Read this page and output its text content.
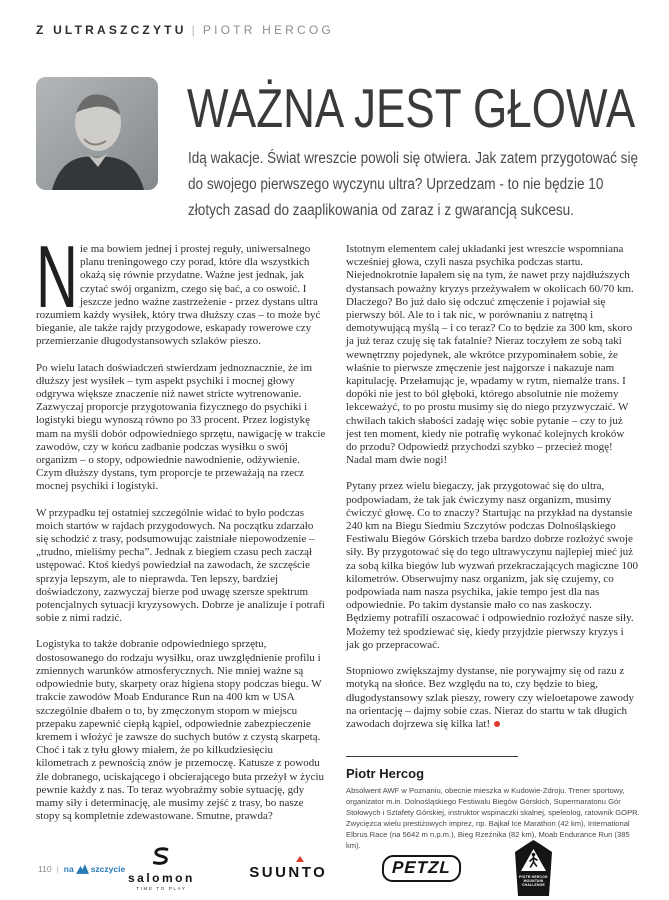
Z ULTRASZCZYTU | PIOTR HERCOG
WAŻNA JEST GŁOWA

Idą wakacje. Świat wreszcie powoli się otwiera. Jak zatem przygotować się do swojego pierwszego wyczynu ultra? Uprzedzam - to nie będzie 10 złotych zasad do zaaplikowania od zaraz i z gwarancją sukcesu.

Nie ma bowiem jednej i prostej reguły, uniwersalnego planu treningowego czy porad, które dla wszystkich okażą się równie przydatne. Ważne jest jednak, jak czytać swój organizm, czego się bać, a co oswoić. I jeszcze jedno ważne zastrzeżenie - przez dystans ultra rozumiem każdy wysiłek, który trwa dłuższy czas – to może być bieganie, ale także rajdy przygodowe, eskapady rowerowe czy przemierzanie długodystansowych szlaków pieszo.

Po wielu latach doświadczeń stwierdzam jednoznacznie, że im dłuższy jest wysiłek – tym aspekt psychiki i mocnej głowy odgrywa większe znaczenie niż nawet stricte wytrenowanie. Zazwyczaj proporcje przygotowania fizycznego do psychiki i logistyki biegu wynoszą równo po 33 procent. Przez logistykę mam na myśli dobór odpowiedniego sprzętu, nawigację w trakcie zawodów, czy w końcu zadbanie podczas wysiłku o swój organizm – o stopy, odpowiednie nawodnienie, odżywienie. Czym dłuższy dystans, tym proporcje te przeważają na rzecz mocnej psychiki i logistyki.

W przypadku tej ostatniej szczególnie widać to było podczas moich startów w rajdach przygodowych. Na początku zdarzało się schodzić z trasy, podsumowując zaistniałe niepowodzenie – „trudno, mieliśmy pecha”. Jednak z biegiem czasu pech zaczął ustępować. Ktoś kiedyś powiedział na zawodach, że szczęście sprzyja lepszym, ale to nieprawda. Ten lepszy, bardziej doświadczony, zazwyczaj bierze pod uwagę szersze spektrum potencjalnych sytuacji kryzysowych. Dobrze je analizuje i potrafi sobie z nimi radzić.

Logistyka to także dobranie odpowiedniego sprzętu, dostosowanego do rodzaju wysiłku, oraz uwzględnienie profilu i zmiennych warunków atmosferycznych. Nie mniej ważne są odpowiednie buty, skarpety oraz higiena stopy podczas biegu. W trakcie zawodów Moab Endurance Run na 400 km w USA szczególnie dbałem o to, by zmęczonym stopom w miejscu przepaku zapewnić ciepłą kąpiel, odpowiednie zabezpieczenie kremem i włożyć je zawsze do suchych butów z czystą skarpetą. Choć i tak z tyłu głowy miałem, że po kilkudziesięciu kilometrach z pewnością znów je przemoczę. Katusze z powodu źle dobranego, uciskającego i obcierającego buta przeżył w życiu pewnie każdy z nas. To teraz wyobraźmy sobie sytuację, gdy mamy siły i determinację, ale musimy zejść z trasy, bo nasze stopy są kompletnie zdewastowane. Smutne, prawda?

Istotnym elementem całej układanki jest wreszcie wspomniana wcześniej głowa, czyli nasza psychika podczas startu. Niejednokrotnie łapałem się na tym, że nawet przy najdłuższych dystansach poważny kryzys przeżywałem w okolicach 60/70 km. Dlaczego? Bo już dało się odczuć zmęczenie i pojawiał się pierwszy ból. Ale to i tak nic, w porównaniu z natrętną i demotywującą myślą – i co teraz? Co to będzie za 300 km, skoro ja już teraz czuję się tak fatalnie? Nieraz toczyłem ze sobą taki wewnętrzny pojedynek, ale wkrótce przypominałem sobie, że właśnie to pierwsze zmęczenie jest najgorsze i nakazuje nam kapitulację. Przełamując je, wpadamy w rytm, niemalże trans. I dopóki nie jest to ból głęboki, którego absolutnie nie możemy lekceważyć, to po prostu musimy się do niego przyzwyczaić. W chwilach takich słabości zadaję więc sobie pytanie – czy to już jest ten moment, kiedy nie potrafię wykonać kolejnych kroków do przodu? Odpowiedź przychodzi szybko – przecież mogę! Nadal mam dwie nogi!

Pytany przez wielu biegaczy, jak przygotować się do ultra, podpowiadam, że tak jak ćwiczymy nasz organizm, musimy ćwiczyć głowę. Co to znaczy? Startując na przykład na dystansie 240 km na Biegu Siedmiu Szczytów podczas Dolnośląskiego Festiwalu Biegów Górskich trzeba bardzo dobrze rozłożyć swoje siły. By przygotować się do tego ultrawyczynu najlepiej mieć już za sobą kilka biegów lub wyzwań przekraczających magiczne 100 kilometrów. Obserwujmy nasz organizm, jak się czujemy, co podpowiada nam nasza psychika, jakie tempo jest dla nas odpowiednie. Po takim dystansie mało co nas zaskoczy. Będziemy potrafili oszacować i odpowiednio rozłożyć nasze siły. Możemy też spodziewać się, kiedy przyjdzie pierwszy kryzys i jak go przepracować.

Stopniowo zwiększajmy dystanse, nie porywajmy się od razu z motyką na słońce. Bez względu na to, czy będzie to bieg, długodystansowy szlak pieszy, rowery czy wieloetapowe zawody na orientację – dajmy sobie czas. Nieraz do startu w tak długich zawodach dojrzewa się kilka lat!

Piotr Hercog
Absolwent AWF w Poznaniu, obecnie mieszka w Kudowie-Zdroju. Trener sportowy, organizator m.in. Dolnośląskiego Festiwalu Biegów Górskich, Supermaratonu Gór Stołowych i Sztafety Górskiej, instruktor wspinaczki skalnej, speleolog, ratownik GOPR. Zwycięzca wielu prestiżowych imprez, np. Bajkał Ice Marathon (42 km), International Elbrus Race (na 5642 m n.p.m.), Bieg Rzeźnika (82 km), Moab Endurance Run (385 km).
salomon
TIME TO PLAY
SUUNTO	PETZL
PIOTR HERCOG MOUNTAIN CHALLENGE
110 | na szczycie
